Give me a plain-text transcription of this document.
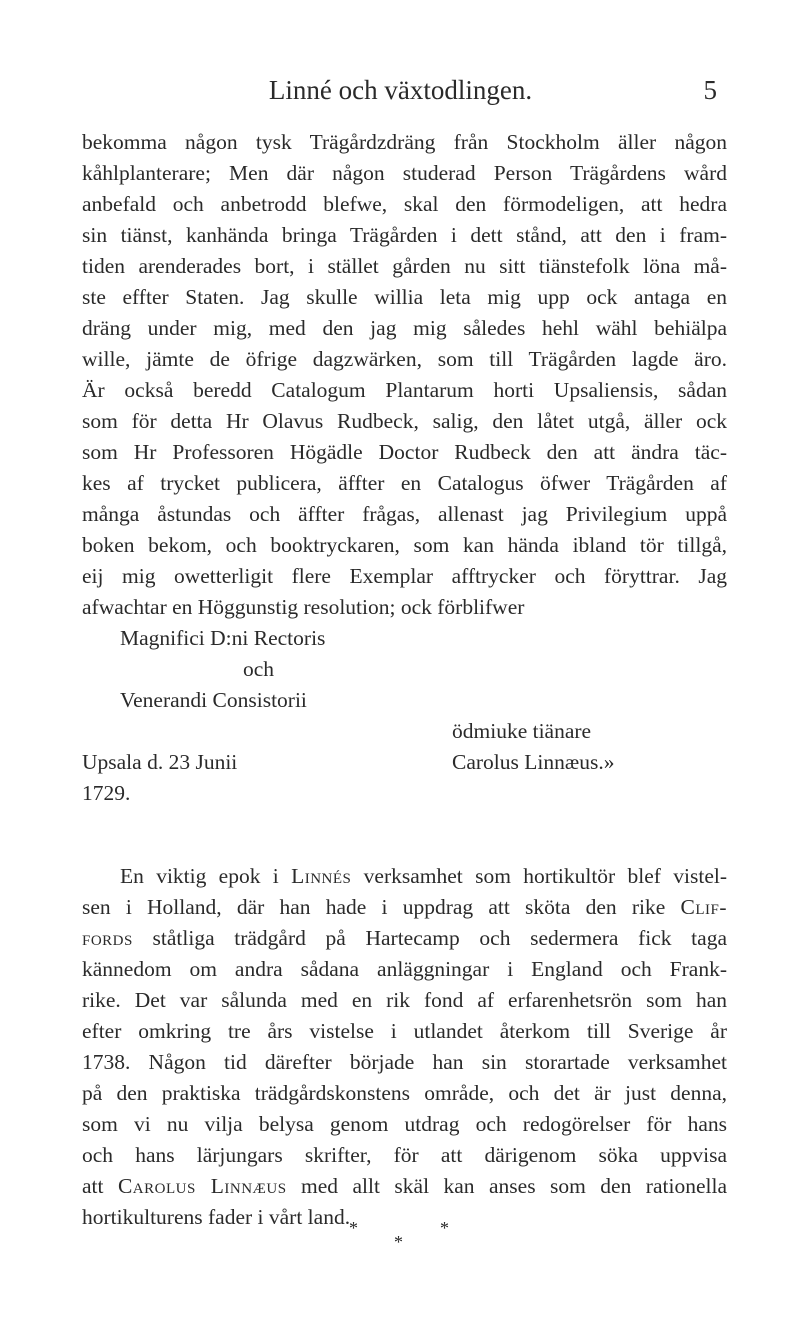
Linné och växtodlingen.	5
bekomma någon tysk Trägårdzdräng från Stockholm äller någon
kåhlplanterare; Men där någon studerad Person Trägårdens wård
anbefald och anbetrodd blefwe, skal den förmodeligen, att hedra
sin tiänst, kanhända bringa Trägården i dett stånd, att den i fram-
tiden arenderades bort, i stället gården nu sitt tiänstefolk löna må-
ste effter Staten. Jag skulle willia leta mig upp ock antaga en
dräng under mig, med den jag mig således hehl wähl behiälpa
wille, jämte de öfrige dagzwärken, som till Trägården lagde äro.
Är också beredd Catalogum Plantarum horti Upsaliensis, sådan
som för detta Hr Olavus Rudbeck, salig, den låtet utgå, äller ock
som Hr Professoren Högädle Doctor Rudbeck den att ändra täc-
kes af trycket publicera, äffter en Catalogus öfwer Trägården af
många åstundas och äffter frågas, allenast jag Privilegium uppå
boken bekom, och booktryckaren, som kan hända ibland tör tillgå,
eij mig owetterligit flere Exemplar afftrycker och föryttrar. Jag
afwachtar en Höggunstig resolution; ock förblifwer
Magnifici D:ni Rectoris
och
Venerandi Consistorii
ödmiuke tiänare
Upsala d. 23 Junii	Carolus Linnæus.»
1729.
En viktig epok i Linnés verksamhet som hortikultör blef vistel-
sen i Holland, där han hade i uppdrag att sköta den rike Clif-
fords ståtliga trädgård på Hartecamp och sedermera fick taga
kännedom om andra sådana anläggningar i England och Frank-
rike. Det var sålunda med en rik fond af erfarenhetsrön som han
efter omkring tre års vistelse i utlandet återkom till Sverige år
1738. Någon tid därefter började han sin storartade verksamhet
på den praktiska trädgårdskonstens område, och det är just denna,
som vi nu vilja belysa genom utdrag och redogörelser för hans
och hans lärjungars skrifter, för att därigenom söka uppvisa
att Carolus Linnæus med allt skäl kan anses som den rationella
hortikulturens fader i vårt land.
*	*
*
